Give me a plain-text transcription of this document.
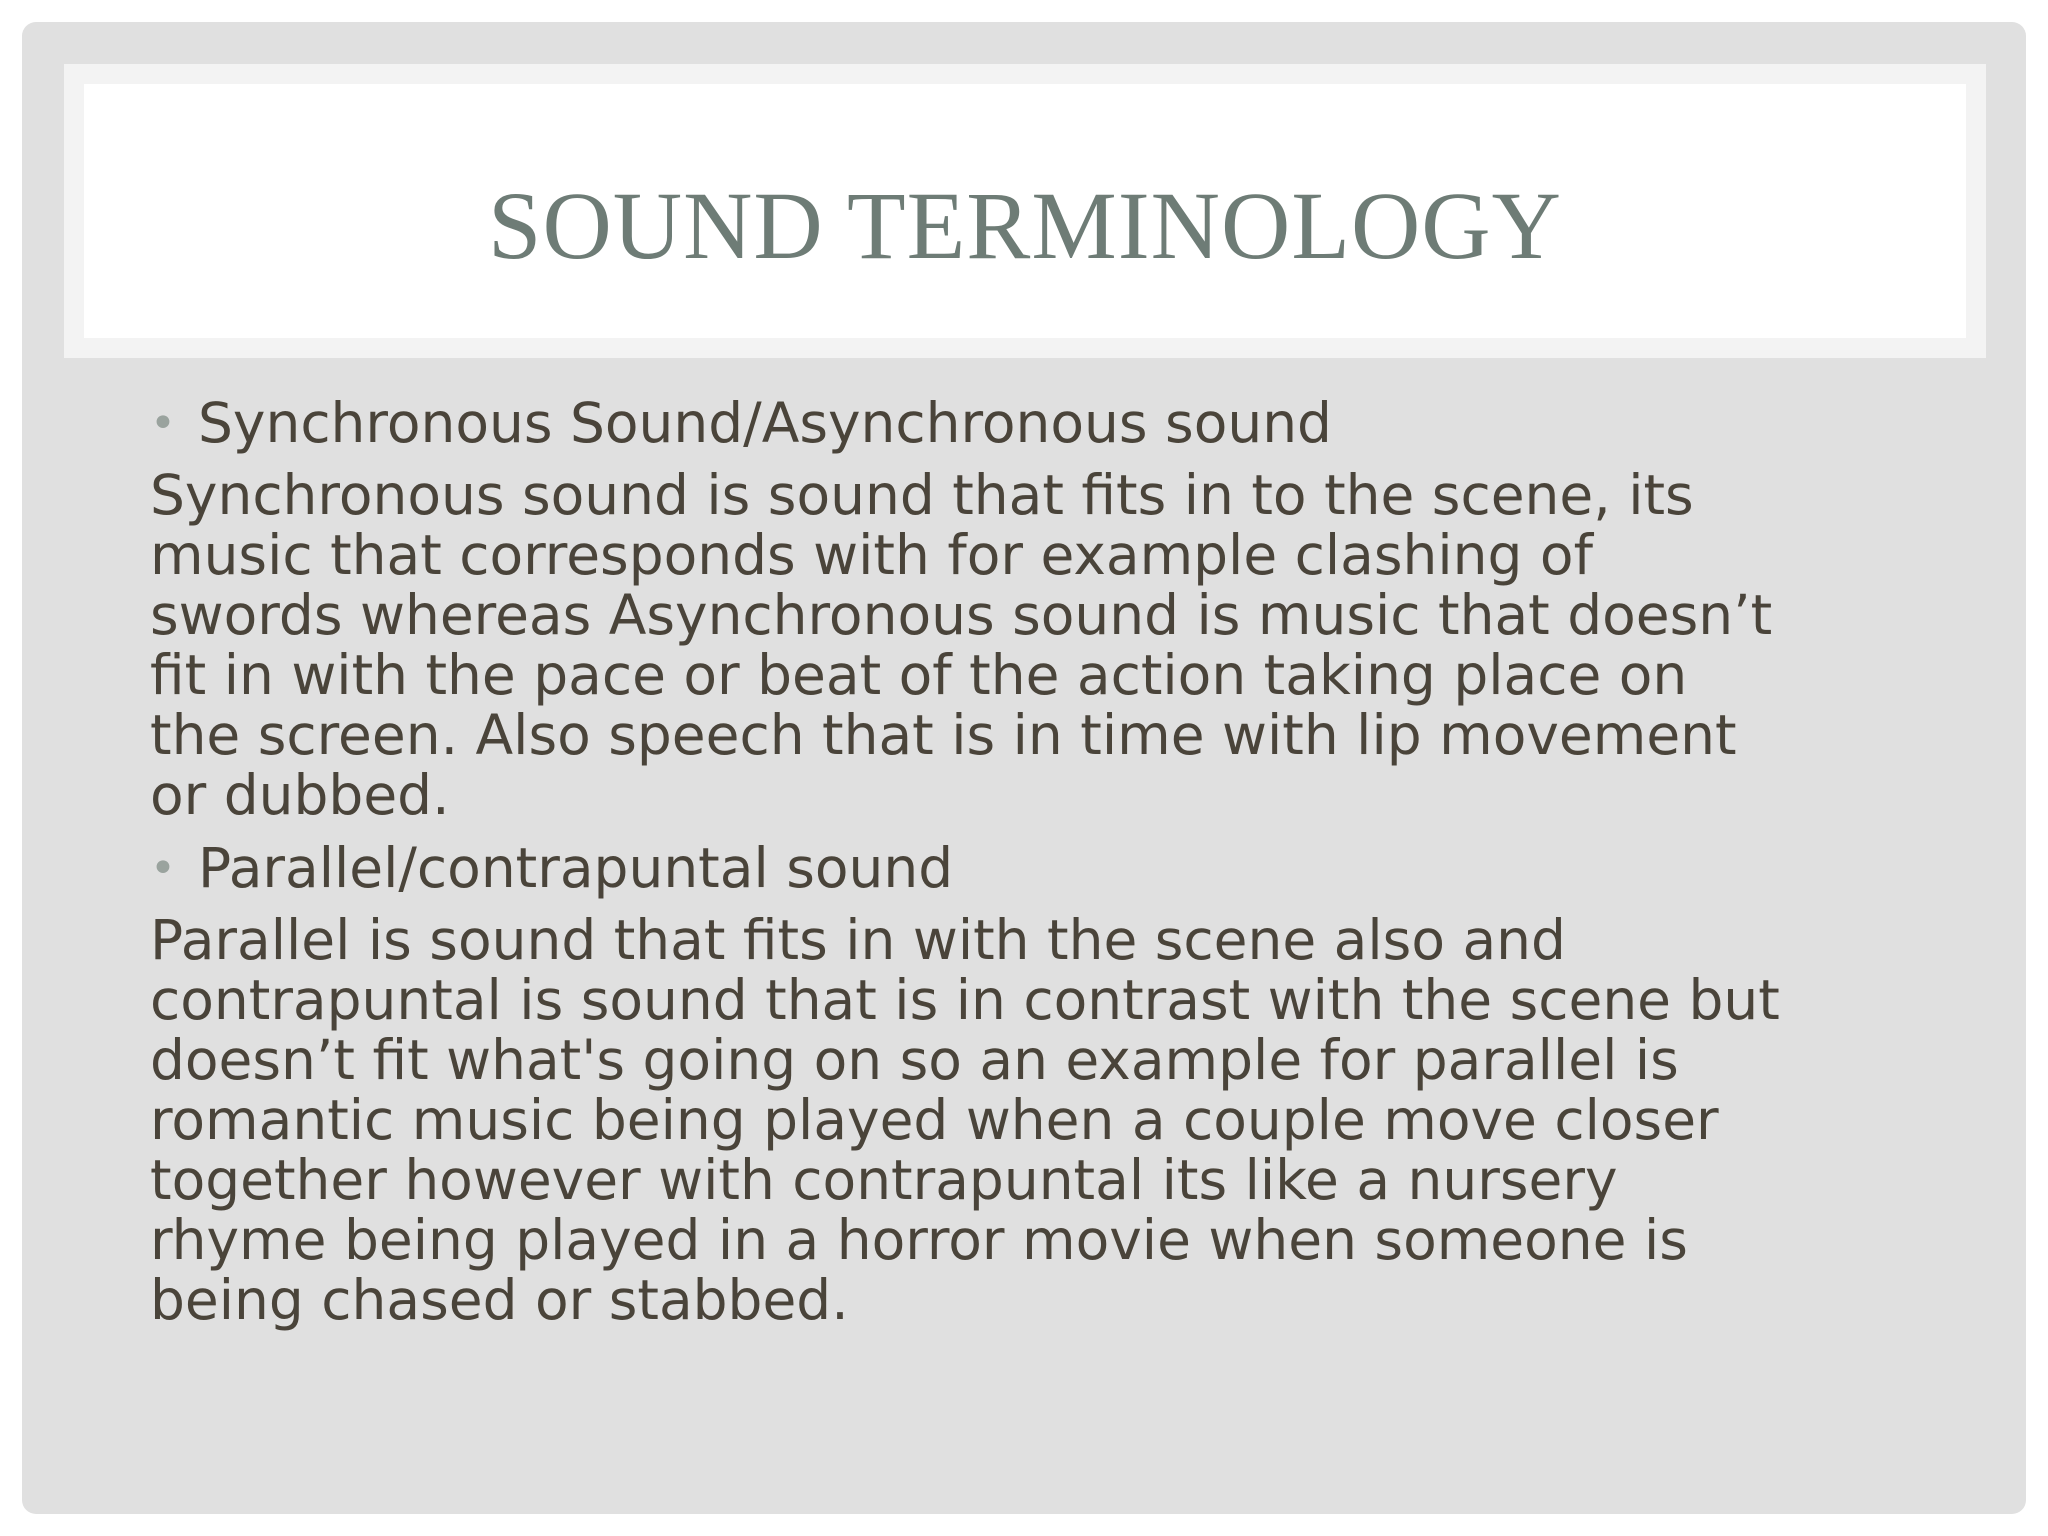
SOUND TERMINOLOGY

• Synchronous Sound/Asynchronous sound

Synchronous sound is sound that fits in to the scene, its
music that corresponds with for example clashing of
swords whereas Asynchronous sound is music that doesn’t
fit in with the pace or beat of the action taking place on
the screen. Also speech that is in time with lip movement
or dubbed.

• Parallel/contrapuntal sound

Parallel is sound that fits in with the scene also and
contrapuntal is sound that is in contrast with the scene but
doesn’t fit what's going on so an example for parallel is
romantic music being played when a couple move closer
together however with contrapuntal its like a nursery
rhyme being played in a horror movie when someone is
being chased or stabbed.
